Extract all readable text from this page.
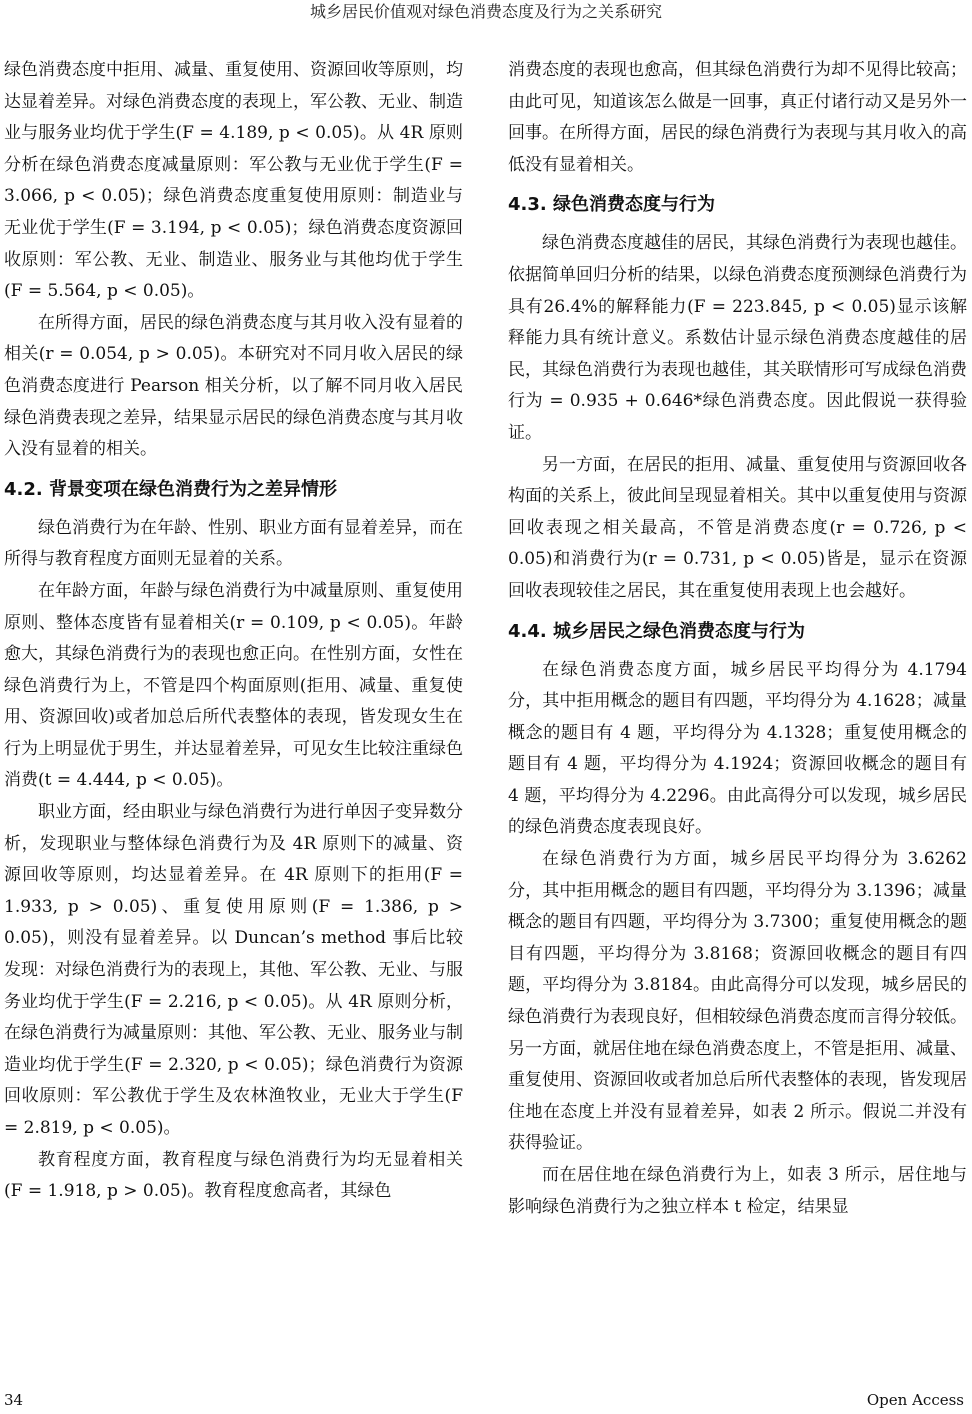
城乡居民价值观对绿色消费态度及行为之关系研究

绿色消费态度中拒用、减量、重复使用、资源回收等原则，均达显着差异。对绿色消费态度的表现上，军公教、无业、制造业与服务业均优于学生(F = 4.189, p < 0.05)。从 4R 原则分析在绿色消费态度减量原则：军公教与无业优于学生(F = 3.066, p < 0.05)；绿色消费态度重复使用原则：制造业与无业优于学生(F = 3.194, p < 0.05)；绿色消费态度资源回收原则：军公教、无业、制造业、服务业与其他均优于学生(F = 5.564, p < 0.05)。

在所得方面，居民的绿色消费态度与其月收入没有显着的相关(r = 0.054, p > 0.05)。本研究对不同月收入居民的绿色消费态度进行 Pearson 相关分析，以了解不同月收入居民绿色消费表现之差异，结果显示居民的绿色消费态度与其月收入没有显着的相关。

4.2. 背景变项在绿色消费行为之差异情形

绿色消费行为在年龄、性别、职业方面有显着差异，而在所得与教育程度方面则无显着的关系。

在年龄方面，年龄与绿色消费行为中减量原则、重复使用原则、整体态度皆有显着相关(r = 0.109, p < 0.05)。年龄愈大，其绿色消费行为的表现也愈正向。在性别方面，女性在绿色消费行为上，不管是四个构面原则(拒用、减量、重复使用、资源回收)或者加总后所代表整体的表现，皆发现女生在行为上明显优于男生，并达显着差异，可见女生比较注重绿色消费(t = 4.444, p < 0.05)。

职业方面，经由职业与绿色消费行为进行单因子变异数分析，发现职业与整体绿色消费行为及 4R 原则下的减量、资源回收等原则，均达显着差异。在 4R 原则下的拒用(F = 1.933, p > 0.05)、重复使用原则(F = 1.386, p > 0.05)，则没有显着差异。以 Duncan’s method 事后比较发现：对绿色消费行为的表现上，其他、军公教、无业、与服务业均优于学生(F = 2.216, p < 0.05)。从 4R 原则分析，在绿色消费行为减量原则：其他、军公教、无业、服务业与制造业均优于学生(F = 2.320, p < 0.05)；绿色消费行为资源回收原则：军公教优于学生及农林渔牧业，无业大于学生(F = 2.819, p < 0.05)。

教育程度方面，教育程度与绿色消费行为均无显着相关(F = 1.918, p > 0.05)。教育程度愈高者，其绿色

消费态度的表现也愈高，但其绿色消费行为却不见得比较高；由此可见，知道该怎么做是一回事，真正付诸行动又是另外一回事。在所得方面，居民的绿色消费行为表现与其月收入的高低没有显着相关。

4.3. 绿色消费态度与行为

绿色消费态度越佳的居民，其绿色消费行为表现也越佳。依据简单回归分析的结果，以绿色消费态度预测绿色消费行为具有26.4%的解释能力(F = 223.845, p < 0.05)显示该解释能力具有统计意义。系数估计显示绿色消费态度越佳的居民，其绿色消费行为表现也越佳，其关联情形可写成绿色消费行为 = 0.935 + 0.646*绿色消费态度。因此假说一获得验证。

另一方面，在居民的拒用、减量、重复使用与资源回收各构面的关系上，彼此间呈现显着相关。其中以重复使用与资源回收表现之相关最高，不管是消费态度(r = 0.726, p < 0.05)和消费行为(r = 0.731, p < 0.05)皆是，显示在资源回收表现较佳之居民，其在重复使用表现上也会越好。

4.4. 城乡居民之绿色消费态度与行为

在绿色消费态度方面，城乡居民平均得分为 4.1794 分，其中拒用概念的题目有四题，平均得分为 4.1628；减量概念的题目有 4 题，平均得分为 4.1328；重复使用概念的题目有 4 题，平均得分为 4.1924；资源回收概念的题目有 4 题，平均得分为 4.2296。由此高得分可以发现，城乡居民的绿色消费态度表现良好。

在绿色消费行为方面，城乡居民平均得分为 3.6262 分，其中拒用概念的题目有四题，平均得分为 3.1396；减量概念的题目有四题，平均得分为 3.7300；重复使用概念的题目有四题，平均得分为 3.8168；资源回收概念的题目有四题，平均得分为 3.8184。由此高得分可以发现，城乡居民的绿色消费行为表现良好，但相较绿色消费态度而言得分较低。另一方面，就居住地在绿色消费态度上，不管是拒用、减量、重复使用、资源回收或者加总后所代表整体的表现，皆发现居住地在态度上并没有显着差异，如表 2 所示。假说二并没有获得验证。

而在居住地在绿色消费行为上，如表 3 所示，居住地与影响绿色消费行为之独立样本 t 检定，结果显

34	Open Access
